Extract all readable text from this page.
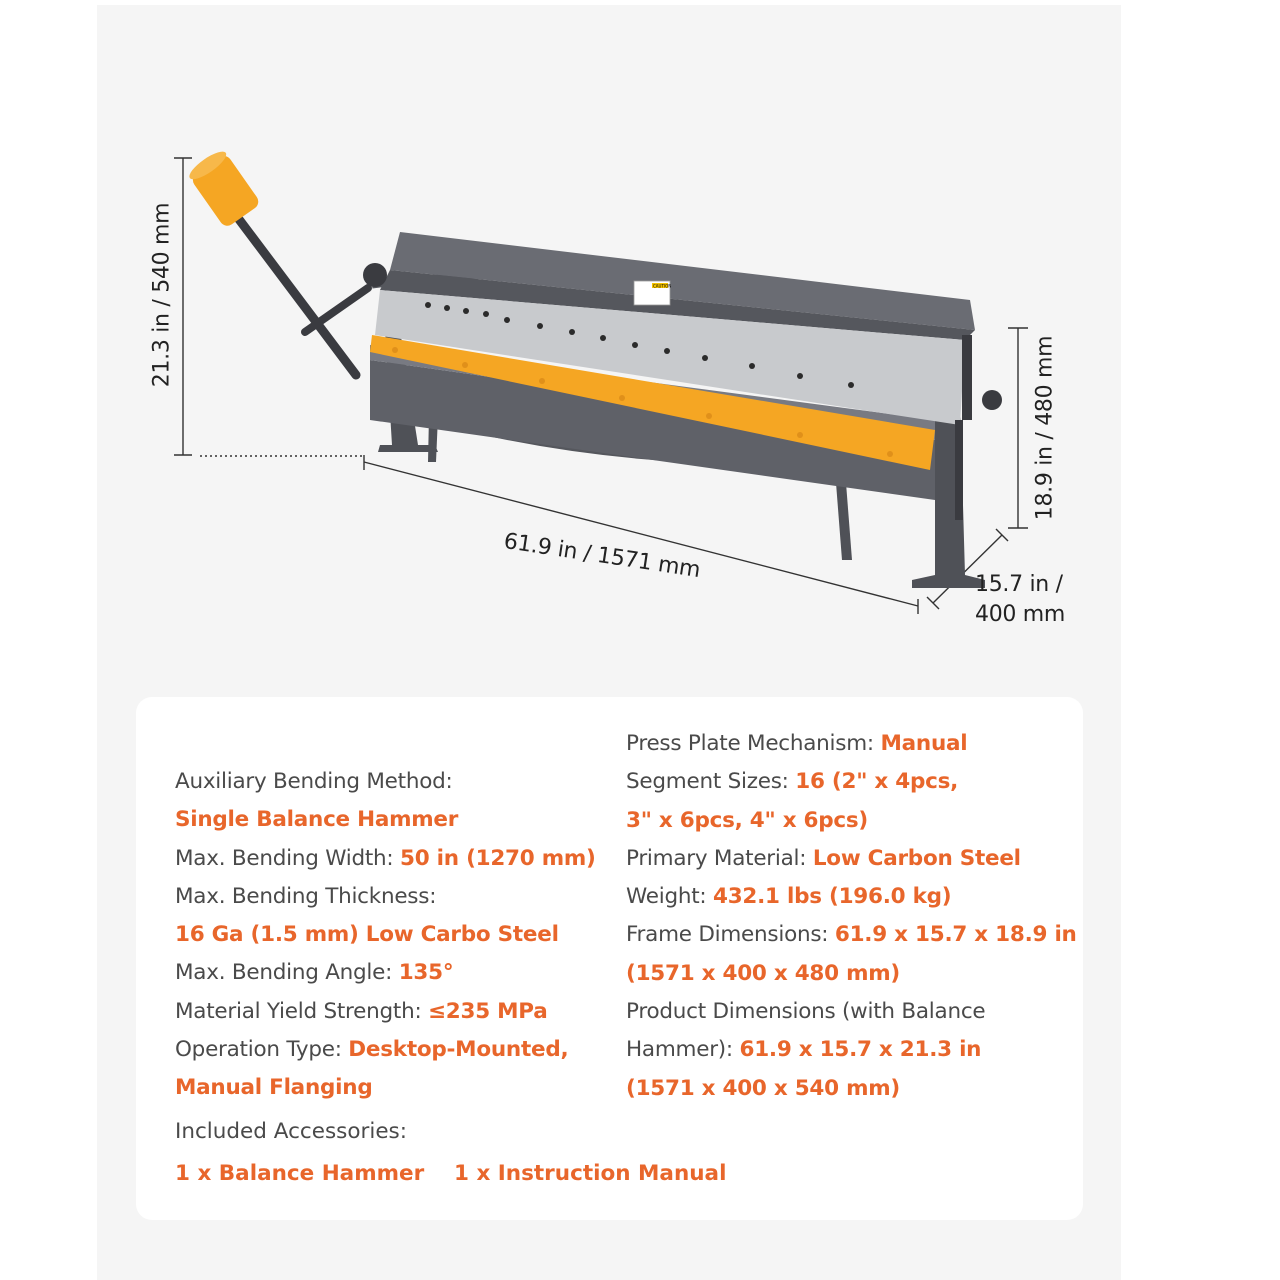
CAUTION
21.3 in / 540 mm
18.9 in / 480 mm
61.9 in / 1571 mm
15.7 in / 400 mm
Auxiliary Bending Method:
Single Balance Hammer
Max. Bending Width: 50 in (1270 mm)
Max. Bending Thickness:
16 Ga (1.5 mm) Low Carbo Steel
Max. Bending Angle: 135°
Material Yield Strength: ≤235 MPa
Operation Type: Desktop-Mounted,
Manual Flanging
Press Plate Mechanism: Manual
Segment Sizes: 16 (2" x 4pcs,
3" x 6pcs, 4" x 6pcs)
Primary Material: Low Carbon Steel
Weight: 432.1 lbs (196.0 kg)
Frame Dimensions: 61.9 x 15.7 x 18.9 in
(1571 x 400 x 480 mm)
Product Dimensions (with Balance
Hammer): 61.9 x 15.7 x 21.3 in
(1571 x 400 x 540 mm)
Included Accessories:
1 x Balance Hammer 1 x Instruction Manual
